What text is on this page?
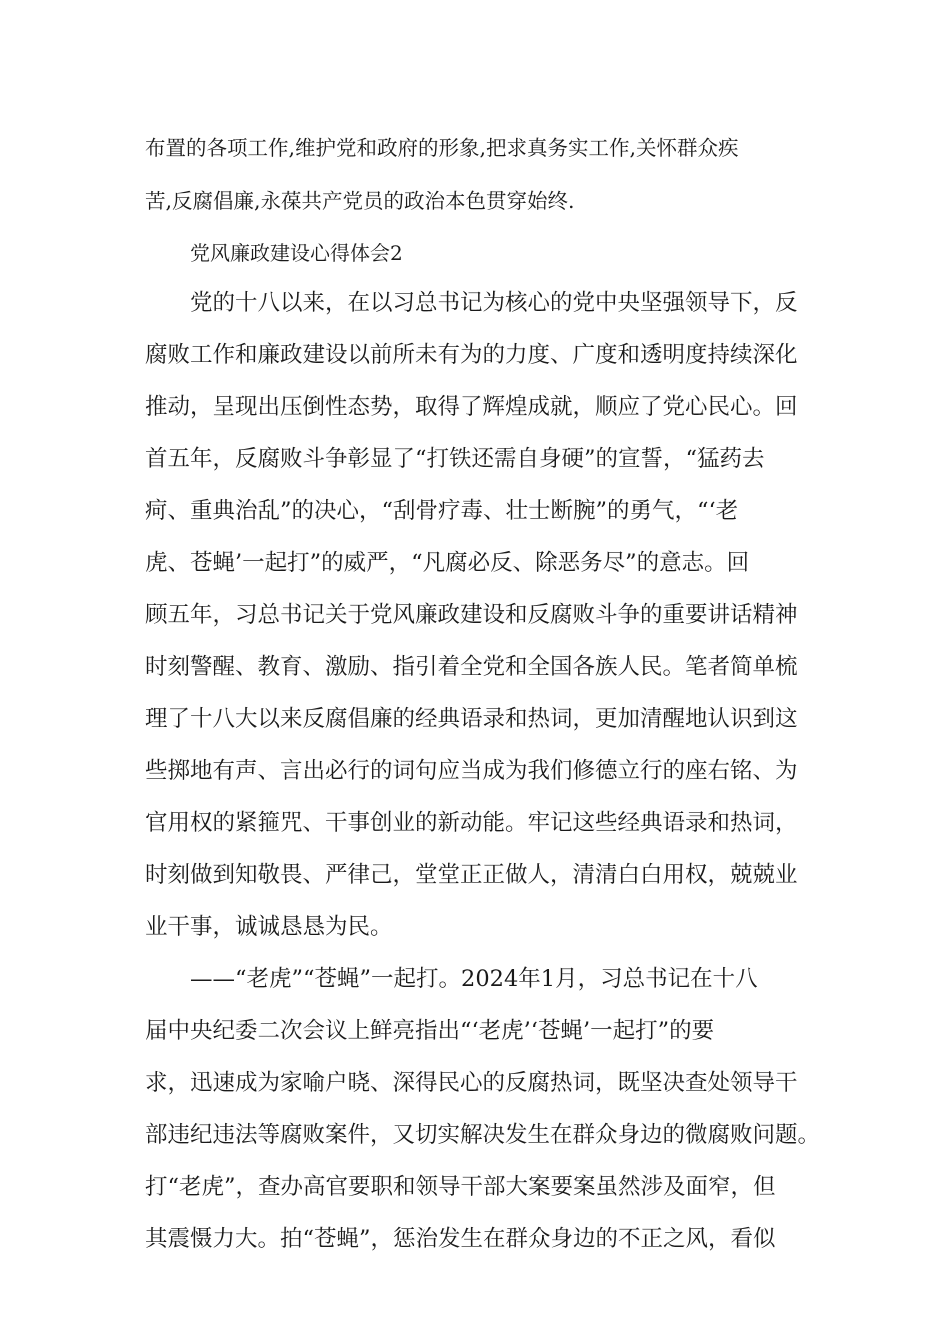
布置的各项工作,维护党和政府的形象,把求真务实工作,关怀群众疾
苦,反腐倡廉,永葆共产党员的政治本色贯穿始终.
党风廉政建设心得体会2
党的十八以来，在以习总书记为核心的党中央坚强领导下，反
腐败工作和廉政建设以前所未有为的力度、广度和透明度持续深化
推动，呈现出压倒性态势，取得了辉煌成就，顺应了党心民心。回
首五年，反腐败斗争彰显了“打铁还需自身硬”的宣誓，“猛药去
疴、重典治乱”的决心，“刮骨疗毒、壮士断腕”的勇气，“‘老
虎、苍蝇’一起打”的威严，“凡腐必反、除恶务尽”的意志。回
顾五年，习总书记关于党风廉政建设和反腐败斗争的重要讲话精神
时刻警醒、教育、激励、指引着全党和全国各族人民。笔者简单梳
理了十八大以来反腐倡廉的经典语录和热词，更加清醒地认识到这
些掷地有声、言出必行的词句应当成为我们修德立行的座右铭、为
官用权的紧箍咒、干事创业的新动能。牢记这些经典语录和热词，
时刻做到知敬畏、严律己，堂堂正正做人，清清白白用权，兢兢业
业干事，诚诚恳恳为民。
——“老虎”“苍蝇”一起打。2024年1月，习总书记在十八
届中央纪委二次会议上鲜亮指出“‘老虎’‘苍蝇’一起打”的要
求，迅速成为家喻户晓、深得民心的反腐热词，既坚决查处领导干
部违纪违法等腐败案件，又切实解决发生在群众身边的微腐败问题。
打“老虎”，查办高官要职和领导干部大案要案虽然涉及面窄，但
其震慑力大。拍“苍蝇”，惩治发生在群众身边的不正之风，看似
